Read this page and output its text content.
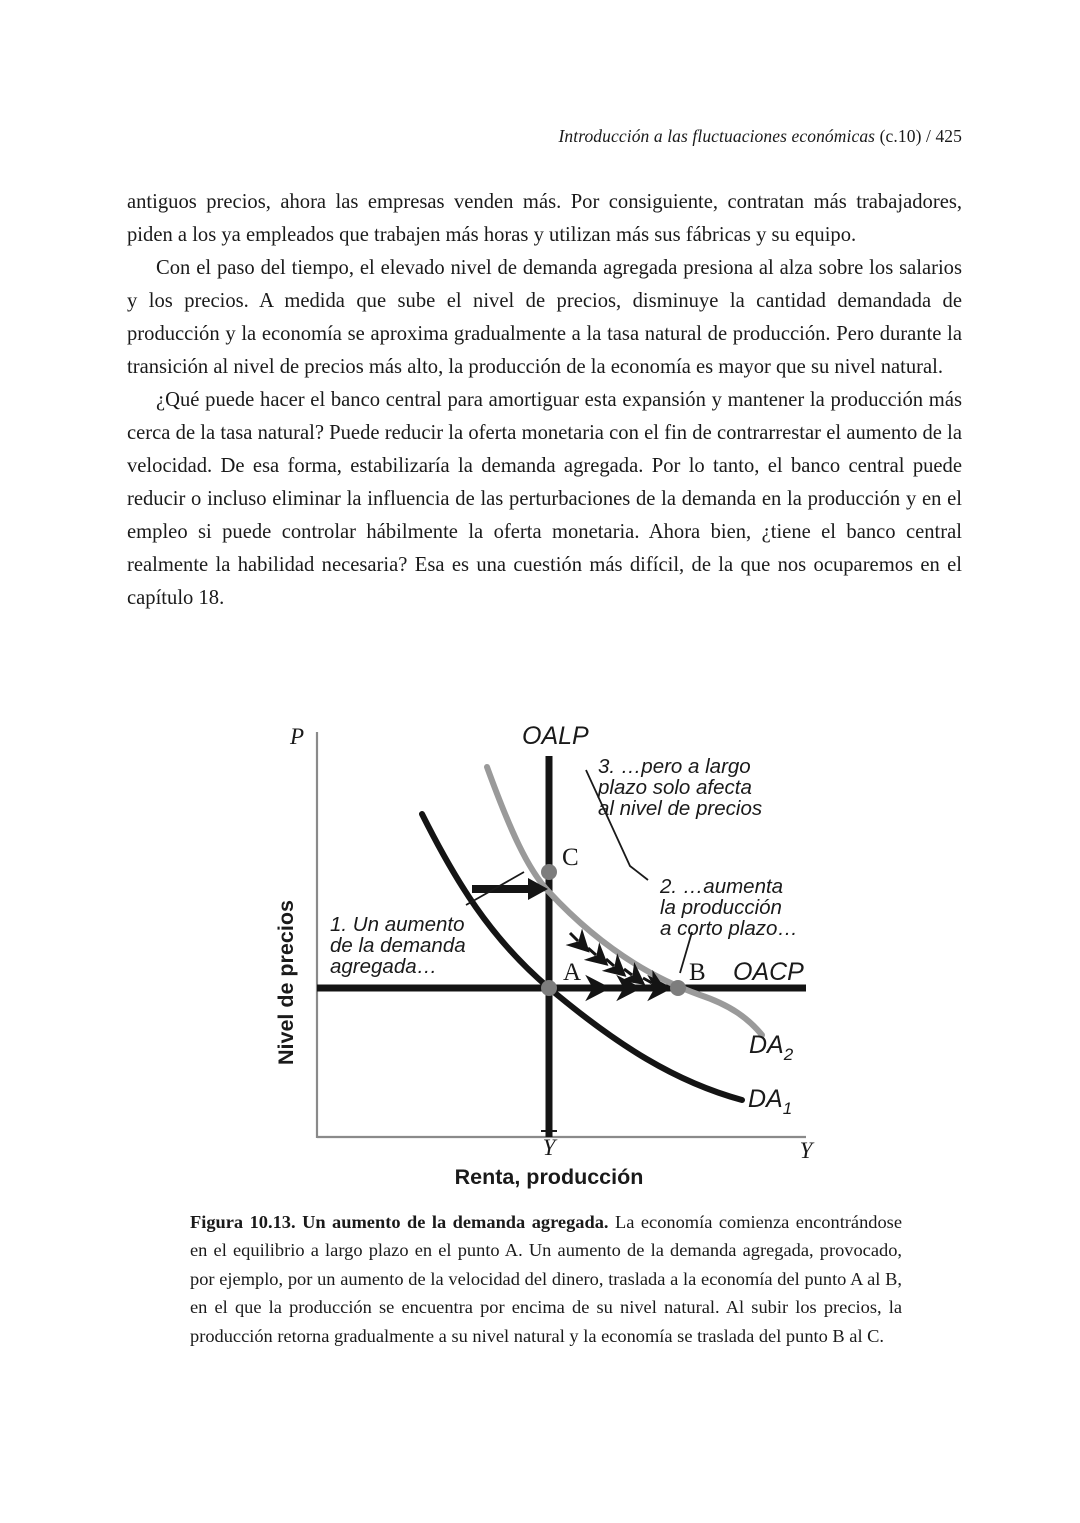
Introducción a las fluctuaciones económicas (c.10) / 425

antiguos precios, ahora las empresas venden más. Por consiguiente, contratan más trabajadores, piden a los ya empleados que trabajen más horas y utilizan más sus fábricas y su equipo.

Con el paso del tiempo, el elevado nivel de demanda agregada presiona al alza sobre los salarios y los precios. A medida que sube el nivel de precios, disminuye la cantidad demandada de producción y la economía se aproxima gradualmente a la tasa natural de producción. Pero durante la transición al nivel de precios más alto, la producción de la economía es mayor que su nivel natural.

¿Qué puede hacer el banco central para amortiguar esta expansión y mantener la producción más cerca de la tasa natural? Puede reducir la oferta monetaria con el fin de contrarrestar el aumento de la velocidad. De esa forma, estabilizaría la demanda agregada. Por lo tanto, el banco central puede reducir o incluso eliminar la influencia de las perturbaciones de la demanda en la producción y en el empleo si puede controlar hábilmente la oferta monetaria. Ahora bien, ¿tiene el banco central realmente la habilidad necesaria? Esa es una cuestión más difícil, de la que nos ocuparemos en el capítulo 18.

P
Y
Y
OALP
OACP
$DA_1$
$DA_2$
A	B
C
1. Un aumento
de la demanda
agregada…
2. …aumenta
la producción
a corto plazo…
3. …pero a largo
plazo solo afecta
al nivel de precios
Nivel de precios
Renta, producción
Figura 10.13. Un aumento de la demanda agregada. La economía comienza encontrándose en el equilibrio a largo plazo en el punto A. Un aumento de la demanda agregada, provocado, por ejemplo, por un aumento de la velocidad del dinero, traslada a la economía del punto A al B, en el que la producción se encuentra por encima de su nivel natural. Al subir los precios, la producción retorna gradualmente a su nivel natural y la economía se traslada del punto B al C.
